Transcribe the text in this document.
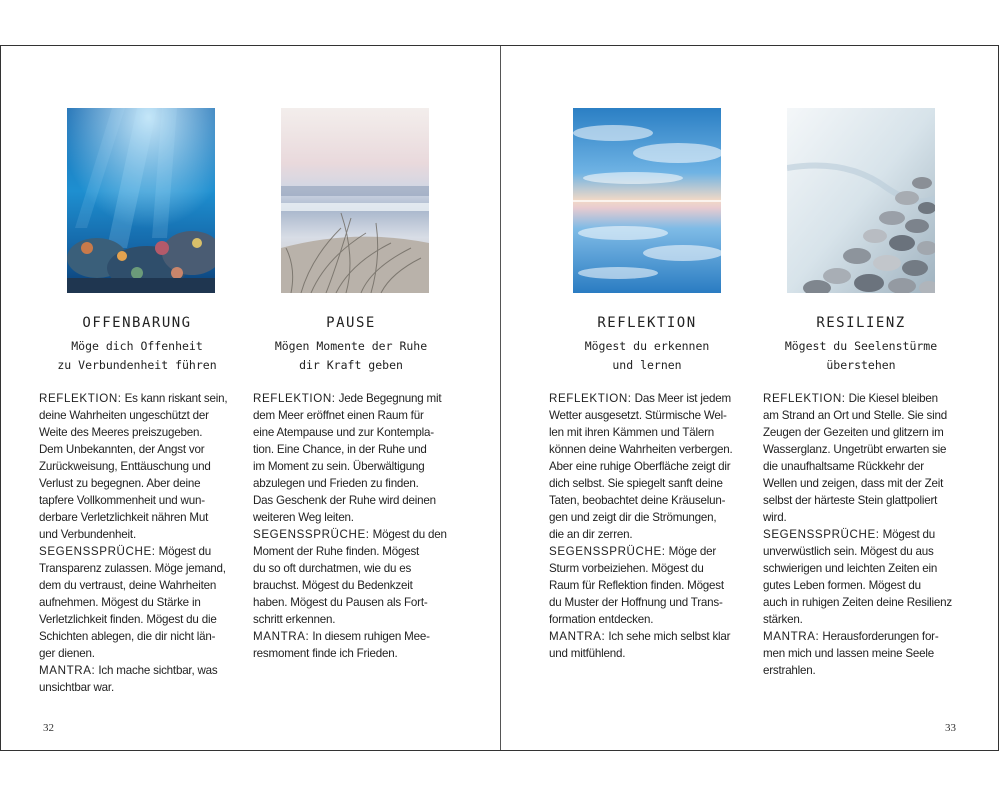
OFFENBARUNG
Möge dich Offenheit
zu Verbundenheit führen

REFLEKTION: Es kann riskant sein,
deine Wahrheiten ungeschützt der
Weite des Meeres preiszugeben.
Dem Unbekannten, der Angst vor
Zurückweisung, Enttäuschung und
Verlust zu begegnen. Aber deine
tapfere Vollkommenheit und wun-
derbare Verletzlichkeit nähren Mut
und Verbundenheit.

SEGENSSPRÜCHE: Mögest du
Transparenz zulassen. Möge jemand,
dem du vertraust, deine Wahrheiten
aufnehmen. Mögest du Stärke in
Verletzlichkeit finden. Mögest du die
Schichten ablegen, die dir nicht län-
ger dienen.

MANTRA: Ich mache sichtbar, was
unsichtbar war.

PAUSE
Mögen Momente der Ruhe
dir Kraft geben

REFLEKTION: Jede Begegnung mit
dem Meer eröffnet einen Raum für
eine Atempause und zur Kontempla-
tion. Eine Chance, in der Ruhe und
im Moment zu sein. Überwältigung
abzulegen und Frieden zu finden.
Das Geschenk der Ruhe wird deinen
weiteren Weg leiten.

SEGENSSPRÜCHE: Mögest du den
Moment der Ruhe finden. Mögest
du so oft durchatmen, wie du es
brauchst. Mögest du Bedenkzeit
haben. Mögest du Pausen als Fort-
schritt erkennen.

MANTRA: In diesem ruhigen Mee-
resmoment finde ich Frieden.

32
REFLEKTION
Mögest du erkennen
und lernen

REFLEKTION: Das Meer ist jedem
Wetter ausgesetzt. Stürmische Wel-
len mit ihren Kämmen und Tälern
können deine Wahrheiten verbergen.
Aber eine ruhige Oberfläche zeigt dir
dich selbst. Sie spiegelt sanft deine
Taten, beobachtet deine Kräuselun-
gen und zeigt dir die Strömungen,
die an dir zerren.

SEGENSSPRÜCHE: Möge der
Sturm vorbeiziehen. Mögest du
Raum für Reflektion finden. Mögest
du Muster der Hoffnung und Trans-
formation entdecken.

MANTRA: Ich sehe mich selbst klar
und mitfühlend.

RESILIENZ
Mögest du Seelenstürme
überstehen

REFLEKTION: Die Kiesel bleiben
am Strand an Ort und Stelle. Sie sind
Zeugen der Gezeiten und glitzern im
Wasserglanz. Ungetrübt erwarten sie
die unaufhaltsame Rückkehr der
Wellen und zeigen, dass mit der Zeit
selbst der härteste Stein glattpoliert
wird.

SEGENSSPRÜCHE: Mögest du
unverwüstlich sein. Mögest du aus
schwierigen und leichten Zeiten ein
gutes Leben formen. Mögest du
auch in ruhigen Zeiten deine Resilienz
stärken.

MANTRA: Herausforderungen for-
men mich und lassen meine Seele
erstrahlen.

33
